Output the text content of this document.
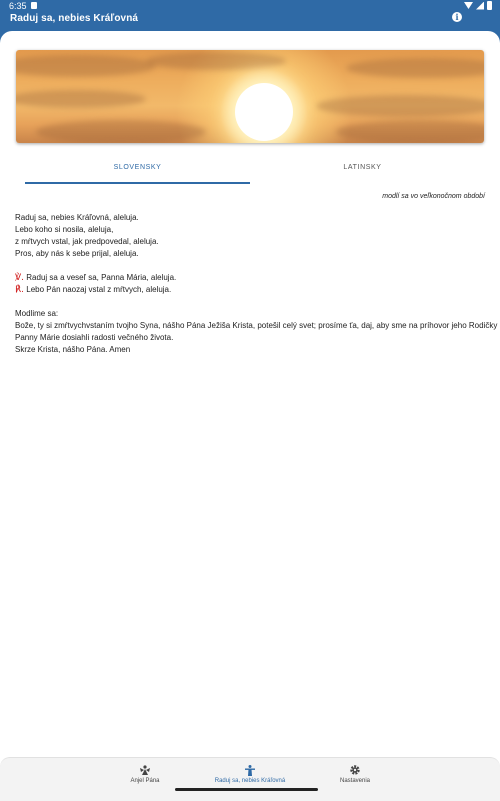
6:35
Raduj sa, nebies Kráľovná	i
SLOVENSKY	LATINSKY
modlí sa vo veľkonočnom období
Raduj sa, nebies Kráľovná, aleluja.
Lebo koho si nosila, aleluja,
z mŕtvych vstal, jak predpovedal, aleluja.
Pros, aby nás k sebe prijal, aleluja.
℣. Raduj sa a veseľ sa, Panna Mária, aleluja.
℟. Lebo Pán naozaj vstal z mŕtvych, aleluja.
Modlime sa:
Bože, ty si zmŕtvychvstaním tvojho Syna, nášho Pána Ježiša Krista, potešil celý svet; prosíme ťa, daj, aby sme na príhovor jeho Rodičky
Panny Márie dosiahli radosti večného života.
Skrze Krista, nášho Pána. Amen
Anjel Pána	Raduj sa, nebies Kráľovná	Nastavenia
